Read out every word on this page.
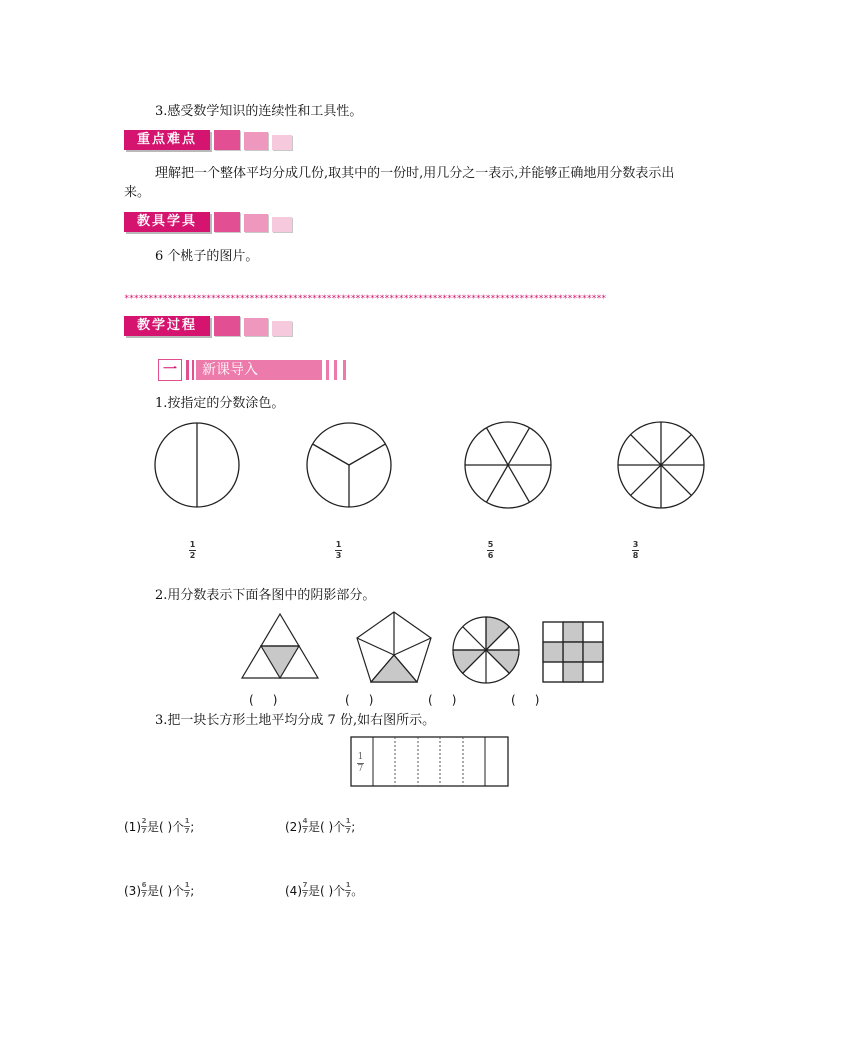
3.感受数学知识的连续性和工具性。
重点难点
理解把一个整体平均分成几份,取其中的一份时,用几分之一表示,并能够正确地用分数表示出
来。
教具学具
6 个桃子的图片。
****************************************************************************************************
教学过程
一	新课导入
1.按指定的分数涂色。
1
2
1
3
5
6
3
8
2.用分数表示下面各图中的阴影部分。
(     )	(     )	(     )	(     )
3.把一块长方形土地平均分成 7 份,如右图所示。
1
7
$(1) \frac{2}{7}$ 是( )个 $\frac{1}{7}$ ;	$(2) \frac{4}{7}$ 是( )个 $\frac{1}{7}$ ;
$(3) \frac{6}{7}$ 是( )个 $\frac{1}{7}$ ;	$(4) \frac{7}{7}$ 是( )个 $\frac{1}{7}$ 。
